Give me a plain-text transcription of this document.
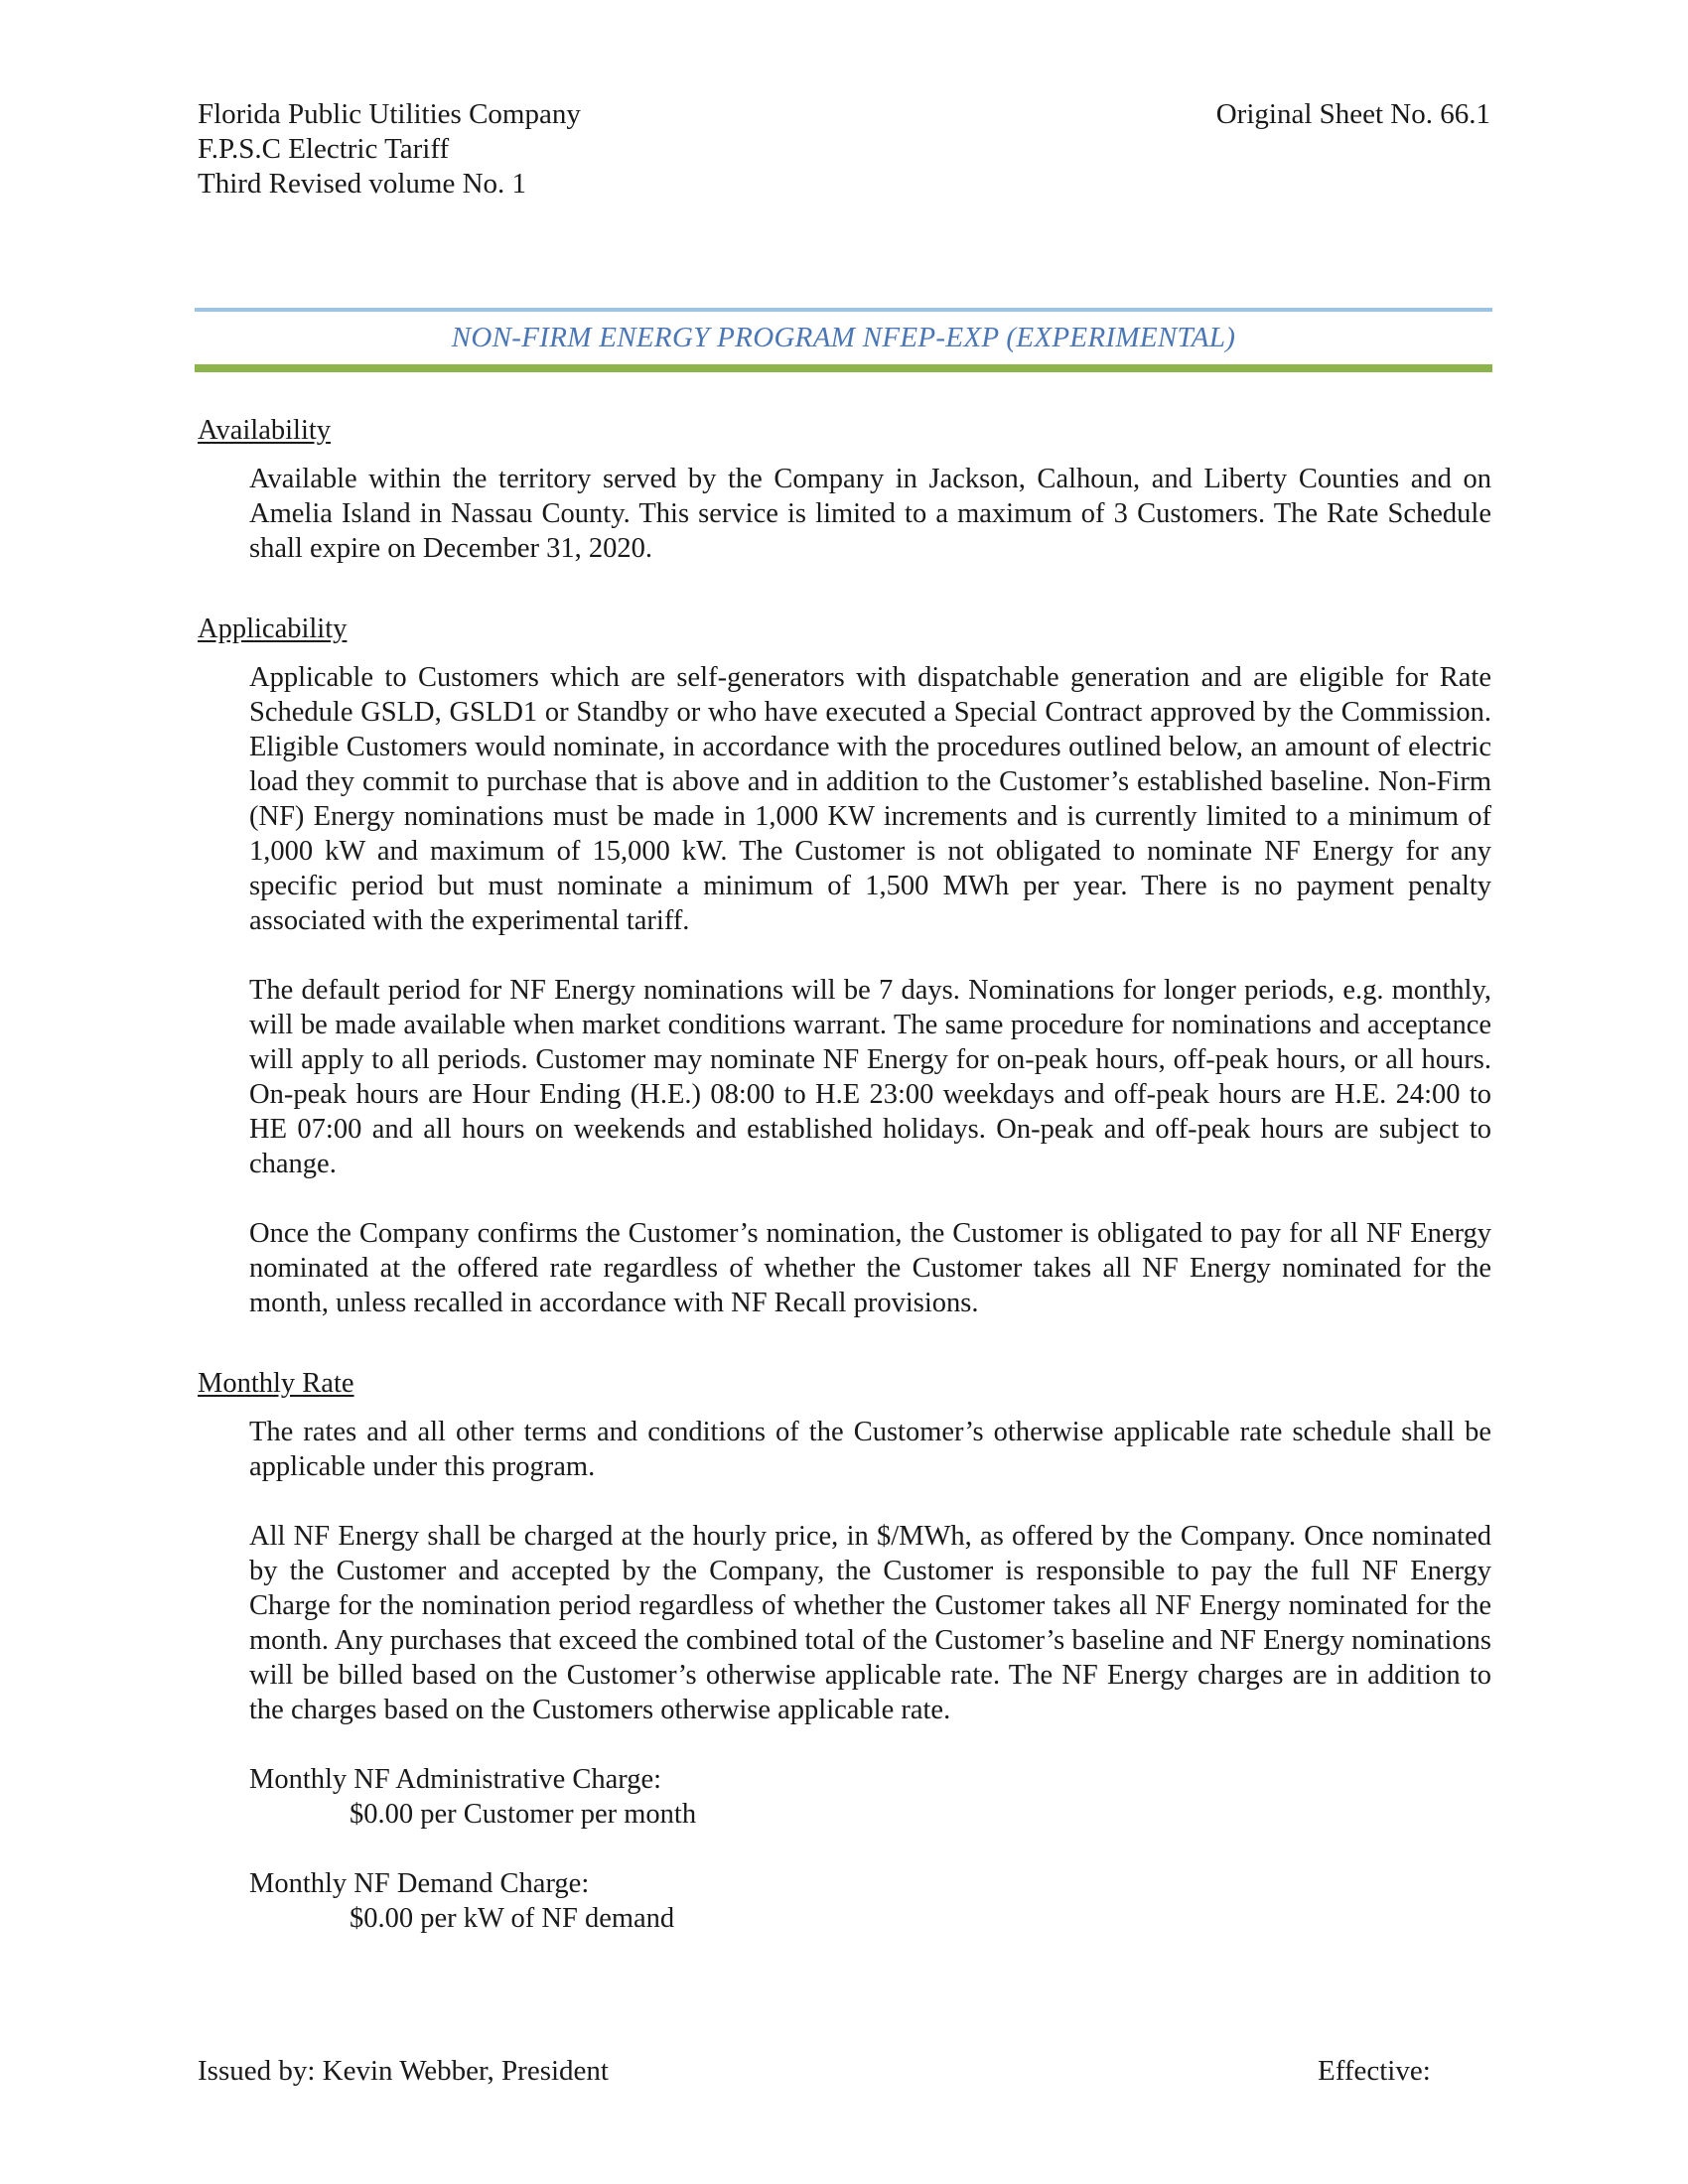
Florida Public Utilities Company
F.P.S.C Electric Tariff
Third Revised volume No. 1
Original Sheet No. 66.1
NON-FIRM ENERGY PROGRAM NFEP-EXP (EXPERIMENTAL)
Availability

Available within the territory served by the Company in Jackson, Calhoun, and Liberty Counties and on Amelia Island in Nassau County. This service is limited to a maximum of 3 Customers. The Rate Schedule shall expire on December 31, 2020.

Applicability

Applicable to Customers which are self-generators with dispatchable generation and are eligible for Rate Schedule GSLD, GSLD1 or Standby or who have executed a Special Contract approved by the Commission. Eligible Customers would nominate, in accordance with the procedures outlined below, an amount of electric load they commit to purchase that is above and in addition to the Customer’s established baseline. Non-Firm (NF) Energy nominations must be made in 1,000 KW increments and is currently limited to a minimum of 1,000 kW and maximum of 15,000 kW. The Customer is not obligated to nominate NF Energy for any specific period but must nominate a minimum of 1,500 MWh per year. There is no payment penalty associated with the experimental tariff.

The default period for NF Energy nominations will be 7 days. Nominations for longer periods, e.g. monthly, will be made available when market conditions warrant. The same procedure for nominations and acceptance will apply to all periods. Customer may nominate NF Energy for on-peak hours, off-peak hours, or all hours. On-peak hours are Hour Ending (H.E.) 08:00 to H.E 23:00 weekdays and off-peak hours are H.E. 24:00 to HE 07:00 and all hours on weekends and established holidays. On-peak and off-peak hours are subject to change.

Once the Company confirms the Customer’s nomination, the Customer is obligated to pay for all NF Energy nominated at the offered rate regardless of whether the Customer takes all NF Energy nominated for the month, unless recalled in accordance with NF Recall provisions.

Monthly Rate

The rates and all other terms and conditions of the Customer’s otherwise applicable rate schedule shall be applicable under this program.

All NF Energy shall be charged at the hourly price, in $/MWh, as offered by the Company. Once nominated by the Customer and accepted by the Company, the Customer is responsible to pay the full NF Energy Charge for the nomination period regardless of whether the Customer takes all NF Energy nominated for the month. Any purchases that exceed the combined total of the Customer’s baseline and NF Energy nominations will be billed based on the Customer’s otherwise applicable rate. The NF Energy charges are in addition to the charges based on the Customers otherwise applicable rate.

Monthly NF Administrative Charge:
$0.00 per Customer per month
Monthly NF Demand Charge:
$0.00 per kW of NF demand
Issued by: Kevin Webber, President	Effective:
